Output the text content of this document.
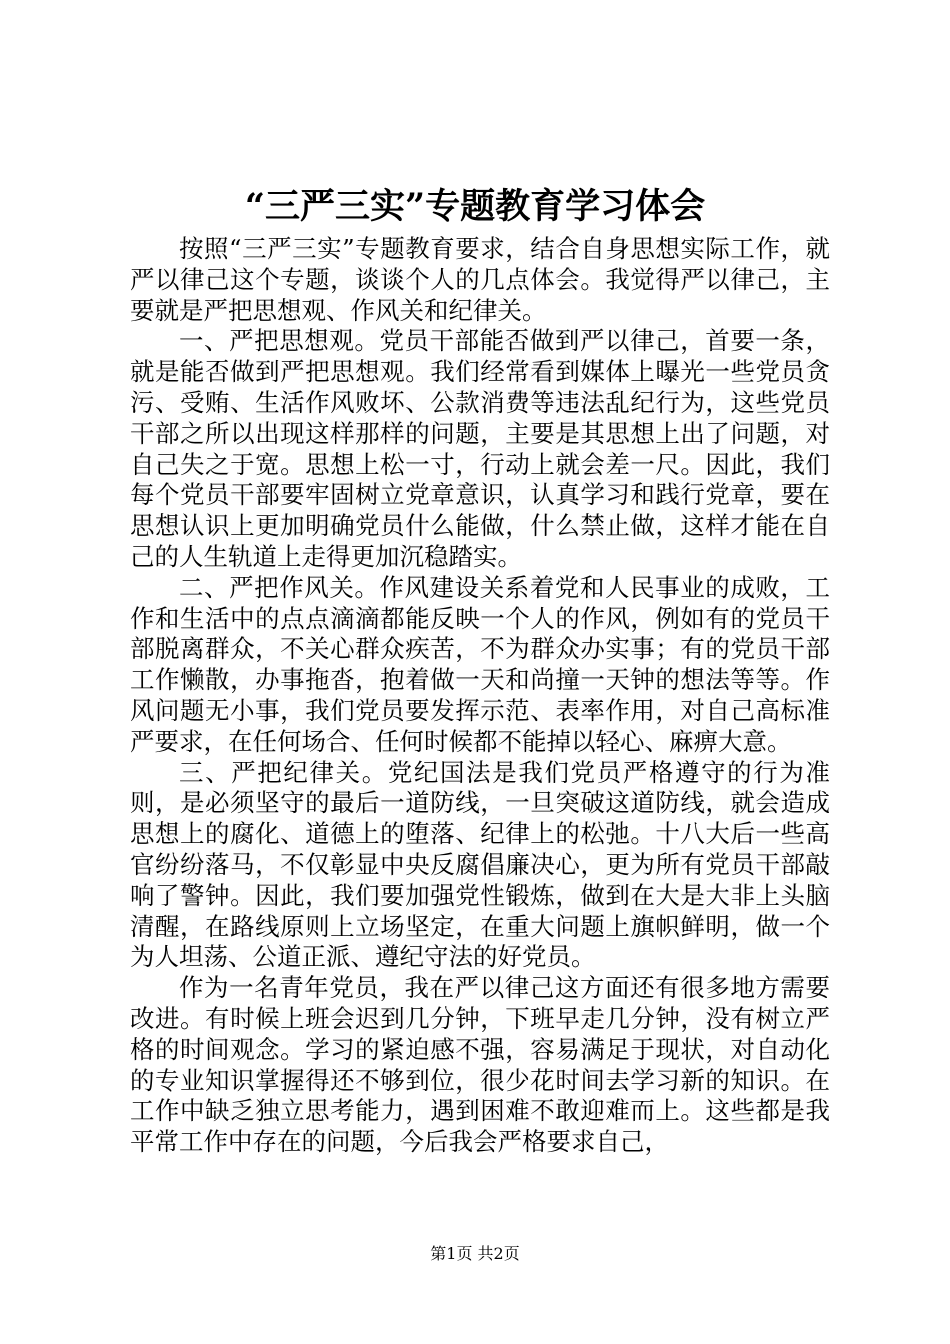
“三严三实”专题教育学习体会

按照“三严三实”专题教育要求，结合自身思想实际工作，就严以律己这个专题，谈谈个人的几点体会。我觉得严以律己，主要就是严把思想观、作风关和纪律关。

一、严把思想观。党员干部能否做到严以律己，首要一条，就是能否做到严把思想观。我们经常看到媒体上曝光一些党员贪污、受贿、生活作风败坏、公款消费等违法乱纪行为，这些党员干部之所以出现这样那样的问题，主要是其思想上出了问题，对自己失之于宽。思想上松一寸，行动上就会差一尺。因此，我们每个党员干部要牢固树立党章意识，认真学习和践行党章，要在思想认识上更加明确党员什么能做，什么禁止做，这样才能在自己的人生轨道上走得更加沉稳踏实。

二、严把作风关。作风建设关系着党和人民事业的成败，工作和生活中的点点滴滴都能反映一个人的作风，例如有的党员干部脱离群众，不关心群众疾苦，不为群众办实事；有的党员干部工作懒散，办事拖沓，抱着做一天和尚撞一天钟的想法等等。作风问题无小事，我们党员要发挥示范、表率作用，对自己高标准严要求，在任何场合、任何时候都不能掉以轻心、麻痹大意。

三、严把纪律关。党纪国法是我们党员严格遵守的行为准则，是必须坚守的最后一道防线，一旦突破这道防线，就会造成思想上的腐化、道德上的堕落、纪律上的松弛。十八大后一些高官纷纷落马，不仅彰显中央反腐倡廉决心，更为所有党员干部敲响了警钟。因此，我们要加强党性锻炼，做到在大是大非上头脑清醒，在路线原则上立场坚定，在重大问题上旗帜鲜明，做一个为人坦荡、公道正派、遵纪守法的好党员。

作为一名青年党员，我在严以律己这方面还有很多地方需要改进。有时候上班会迟到几分钟，下班早走几分钟，没有树立严格的时间观念。学习的紧迫感不强，容易满足于现状，对自动化的专业知识掌握得还不够到位，很少花时间去学习新的知识。在工作中缺乏独立思考能力，遇到困难不敢迎难而上。这些都是我平常工作中存在的问题，今后我会严格要求自己，

第1页 共2页
